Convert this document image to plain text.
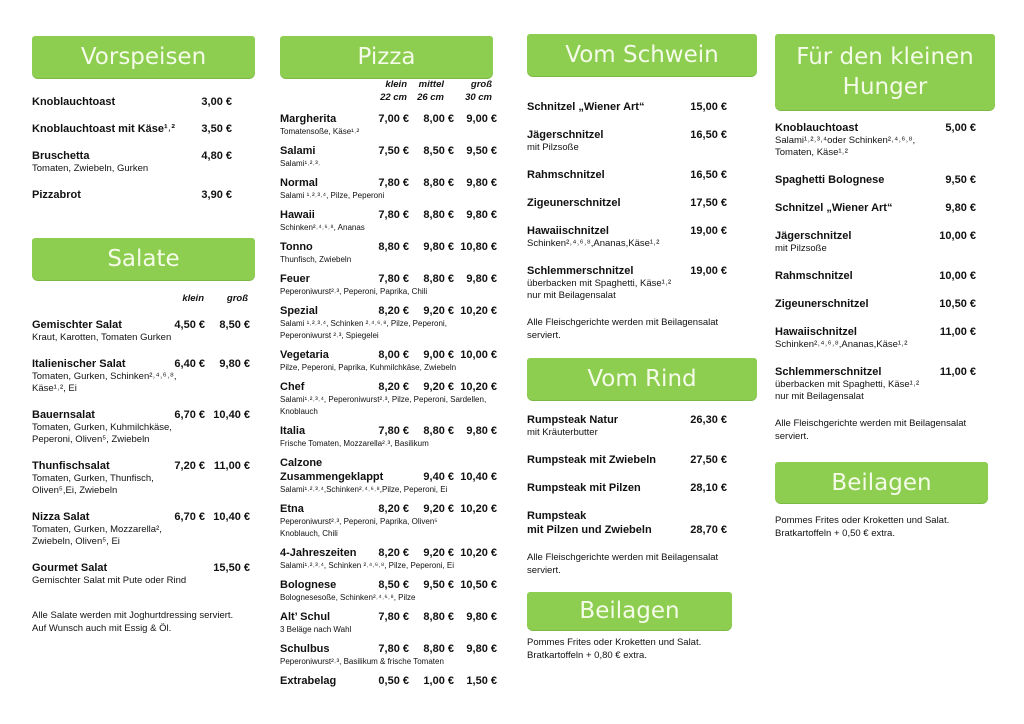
Vorspeisen
Knoblauchtoast	3,00 €
Knoblauchtoast mit Käse¹˒² 3,50 €
Bruschetta	4,80 €
Tomaten, Zwiebeln, Gurken
Pizzabrot	3,90 €
Salate
klein groß
Gemischter Salat	4,50 € 8,50 €
Kraut, Karotten, Tomaten Gurken
Italienischer Salat	6,40 € 9,80 €
Tomaten, Gurken, Schinken²˒⁴˒⁶˒⁸,
Käse¹˒², Ei
Bauernsalat	6,70 € 10,40 €
Tomaten, Gurken, Kuhmilchkäse,
Peperoni, Oliven⁵, Zwiebeln
Thunfischsalat	7,20 € 11,00 €
Tomaten, Gurken, Thunfisch,
Oliven⁵,Ei, Zwiebeln
Nizza Salat	6,70 € 10,40 €
Tomaten, Gurken, Mozzarella²,
Zwiebeln, Oliven⁵, Ei
Gourmet Salat	15,50 €
Gemischter Salat mit Pute oder Rind
Alle Salate werden mit Joghurtdressing serviert.
Auf Wunsch auch mit Essig & Öl.
Pizza
klein mittel	groß
22 cm 26 cm 30 cm
Margherita	7,00 € 8,00 € 9,00 €
Tomatensoße, Käse¹˒²
Salami	7,50 € 8,50 € 9,50 €
Salami¹˒²˒³˒
Normal	7,80 € 8,80 € 9,80 €
Salami ¹˒²˒³˒⁴, Pilze, Peperoni
Hawaii	7,80 € 8,80 € 9,80 €
Schinken²˒⁴˒⁶˒⁸, Ananas
Tonno	8,80 € 9,80 € 10,80 €
Thunfisch, Zwiebeln
Feuer	7,80 € 8,80 € 9,80 €
Peperoniwurst²˒³, Peperoni, Paprika, Chili
Spezial	8,20 € 9,20 € 10,20 €
Salami ¹˒²˒³˒⁴, Schinken ²˒⁴˒⁶˒⁸, Pilze, Peperoni,
Peperoniwurst ²˒³, Spiegelei
Vegetaria	8,00 € 9,00 € 10,00 €
Pilze, Peperoni, Paprika, Kuhmilchkäse, Zwiebeln
Chef	8,20 € 9,20 € 10,20 €
Salami¹˒²˒³˒⁴, Peperoniwurst²˒³, Pilze, Peperoni, Sardellen,
Knoblauch
Italia	7,80 € 8,80 € 9,80 €
Frische Tomaten, Mozzarella²˒³, Basilikum
Calzone
Zusammengeklappt	9,40 € 10,40 €
Salami¹˒²˒³˒⁴,Schinken²˒⁴˒⁶˒⁸,Pilze, Peperoni, Ei
Etna	8,20 € 9,20 € 10,20 €
Peperoniwurst²˒³, Peperoni, Paprika, Oliven⁵
Knoblauch, Chili
4-Jahreszeiten 8,20 € 9,20 € 10,20 €
Salami¹˒²˒³˒⁴, Schinken ²˒⁴˒⁶˒⁸, Pilze, Peperoni, Ei
Bolognese	8,50 € 9,50 € 10,50 €
Bolognesesoße, Schinken²˒⁴˒⁶˒⁸, Pilze
Alt’ Schul	7,80 € 8,80 € 9,80 €
3 Beläge nach Wahl
Schulbus	7,80 € 8,80 € 9,80 €
Peperoniwurst²˒³, Basilikum & frische Tomaten
Extrabelag	0,50 € 1,00 € 1,50 €
Vom Schwein
Schnitzel „Wiener Art“	15,00 €
Jägerschnitzel	16,50 €
mit Pilzsoße
Rahmschnitzel	16,50 €
Zigeunerschnitzel	17,50 €
Hawaiischnitzel	19,00 €
Schinken²˒⁴˒⁶˒⁸,Ananas,Käse¹˒²
Schlemmerschnitzel	19,00 €
überbacken mit Spaghetti, Käse¹˒²
nur mit Beilagensalat
Alle Fleischgerichte werden mit Beilagensalat
serviert.
Vom Rind
Rumpsteak Natur	26,30 €
mit Kräuterbutter
Rumpsteak mit Zwiebeln	27,50 €
Rumpsteak mit Pilzen	28,10 €
Rumpsteak
mit Pilzen und Zwiebeln	28,70 €
Alle Fleischgerichte werden mit Beilagensalat
serviert.
Beilagen
Pommes Frites oder Kroketten und Salat.
Bratkartoffeln + 0,80 € extra.
Für den kleinen
Hunger
Knoblauchtoast	5,00 €
Salami¹˒²˒³˒⁴oder Schinken²˒⁴˒⁶˒⁸,
Tomaten, Käse¹˒²
Spaghetti Bolognese	9,50 €
Schnitzel „Wiener Art“	9,80 €
Jägerschnitzel	10,00 €
mit Pilzsoße
Rahmschnitzel	10,00 €
Zigeunerschnitzel	10,50 €
Hawaiischnitzel	11,00 €
Schinken²˒⁴˒⁶˒⁸,Ananas,Käse¹˒²
Schlemmerschnitzel	11,00 €
überbacken mit Spaghetti, Käse¹˒²
nur mit Beilagensalat
Alle Fleischgerichte werden mit Beilagensalat
serviert.
Beilagen
Pommes Frites oder Kroketten und Salat.
Bratkartoffeln + 0,50 € extra.
